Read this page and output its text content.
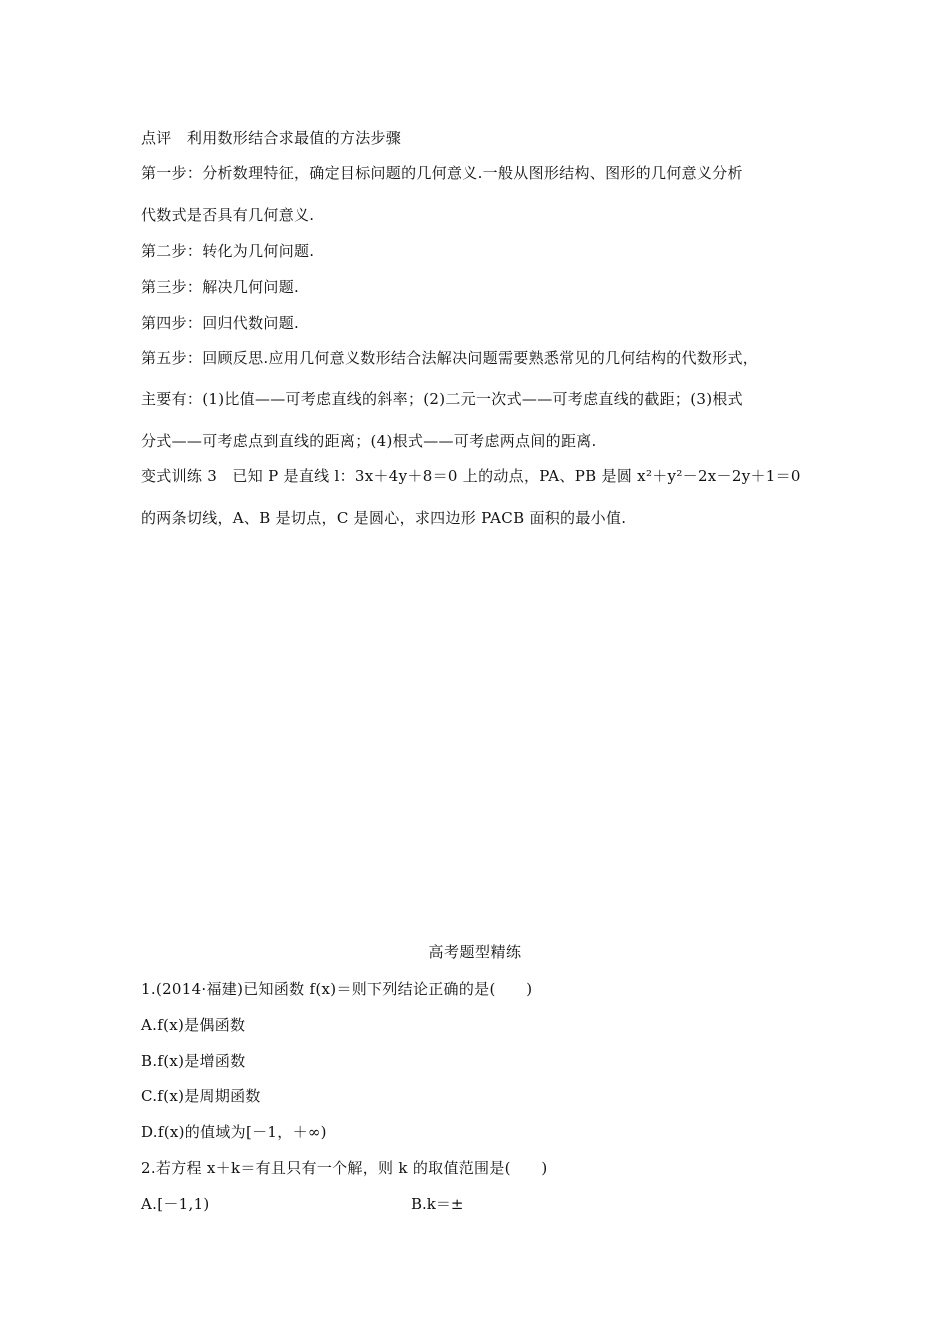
点评　利用数形结合求最值的方法步骤
第一步：分析数理特征，确定目标问题的几何意义.一般从图形结构、图形的几何意义分析
代数式是否具有几何意义.
第二步：转化为几何问题.
第三步：解决几何问题.
第四步：回归代数问题.
第五步：回顾反思.应用几何意义数形结合法解决问题需要熟悉常见的几何结构的代数形式，
主要有：(1)比值——可考虑直线的斜率；(2)二元一次式——可考虑直线的截距；(3)根式
分式——可考虑点到直线的距离；(4)根式——可考虑两点间的距离.
变式训练 3　已知 P 是直线 l：3x＋4y＋8＝0 上的动点，PA、PB 是圆 x²＋y²－2x－2y＋1＝0
的两条切线，A、B 是切点，C 是圆心，求四边形 PACB 面积的最小值.
高考题型精练
1.(2014·福建)已知函数 f(x)＝则下列结论正确的是(　　)
A.f(x)是偶函数
B.f(x)是增函数
C.f(x)是周期函数
D.f(x)的值域为[－1，＋∞)
2.若方程 x＋k＝有且只有一个解，则 k 的取值范围是(　　)
A.[－1,1)	B.k＝±
